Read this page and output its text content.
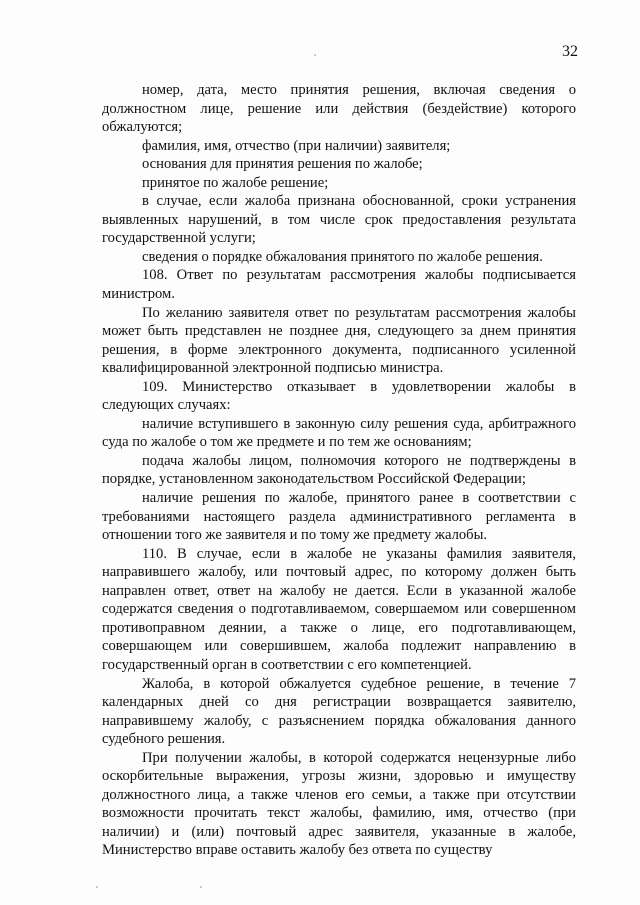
32

номер, дата, место принятия решения, включая сведения о должностном лице, решение или действия (бездействие) которого обжалуются;

фамилия, имя, отчество (при наличии) заявителя;

основания для принятия решения по жалобе;

принятое по жалобе решение;

в случае, если жалоба признана обоснованной, сроки устранения выявленных нарушений, в том числе срок предоставления результата государственной услуги;

сведения о порядке обжалования принятого по жалобе решения.

108. Ответ по результатам рассмотрения жалобы подписывается министром.

По желанию заявителя ответ по результатам рассмотрения жалобы может быть представлен не позднее дня, следующего за днем принятия решения, в форме электронного документа, подписанного усиленной квалифицированной электронной подписью министра.

109. Министерство отказывает в удовлетворении жалобы в следующих случаях:

наличие вступившего в законную силу решения суда, арбитражного суда по жалобе о том же предмете и по тем же основаниям;

подача жалобы лицом, полномочия которого не подтверждены в порядке, установленном законодательством Российской Федерации;

наличие решения по жалобе, принятого ранее в соответствии с требованиями настоящего раздела административного регламента в отношении того же заявителя и по тому же предмету жалобы.

110. В случае, если в жалобе не указаны фамилия заявителя, направившего жалобу, или почтовый адрес, по которому должен быть направлен ответ, ответ на жалобу не дается. Если в указанной жалобе содержатся сведения о подготавливаемом, совершаемом или совершенном противоправном деянии, а также о лице, его подготавливающем, совершающем или совершившем, жалоба подлежит направлению в государственный орган в соответствии с его компетенцией.

Жалоба, в которой обжалуется судебное решение, в течение 7 календарных дней со дня регистрации возвращается заявителю, направившему жалобу, с разъяснением порядка обжалования данного судебного решения.

При получении жалобы, в которой содержатся нецензурные либо оскорбительные выражения, угрозы жизни, здоровью и имуществу должностного лица, а также членов его семьи, а также при отсутствии возможности прочитать текст жалобы, фамилию, имя, отчество (при наличии) и (или) почтовый адрес заявителя, указанные в жалобе, Министерство вправе оставить жалобу без ответа по существу
